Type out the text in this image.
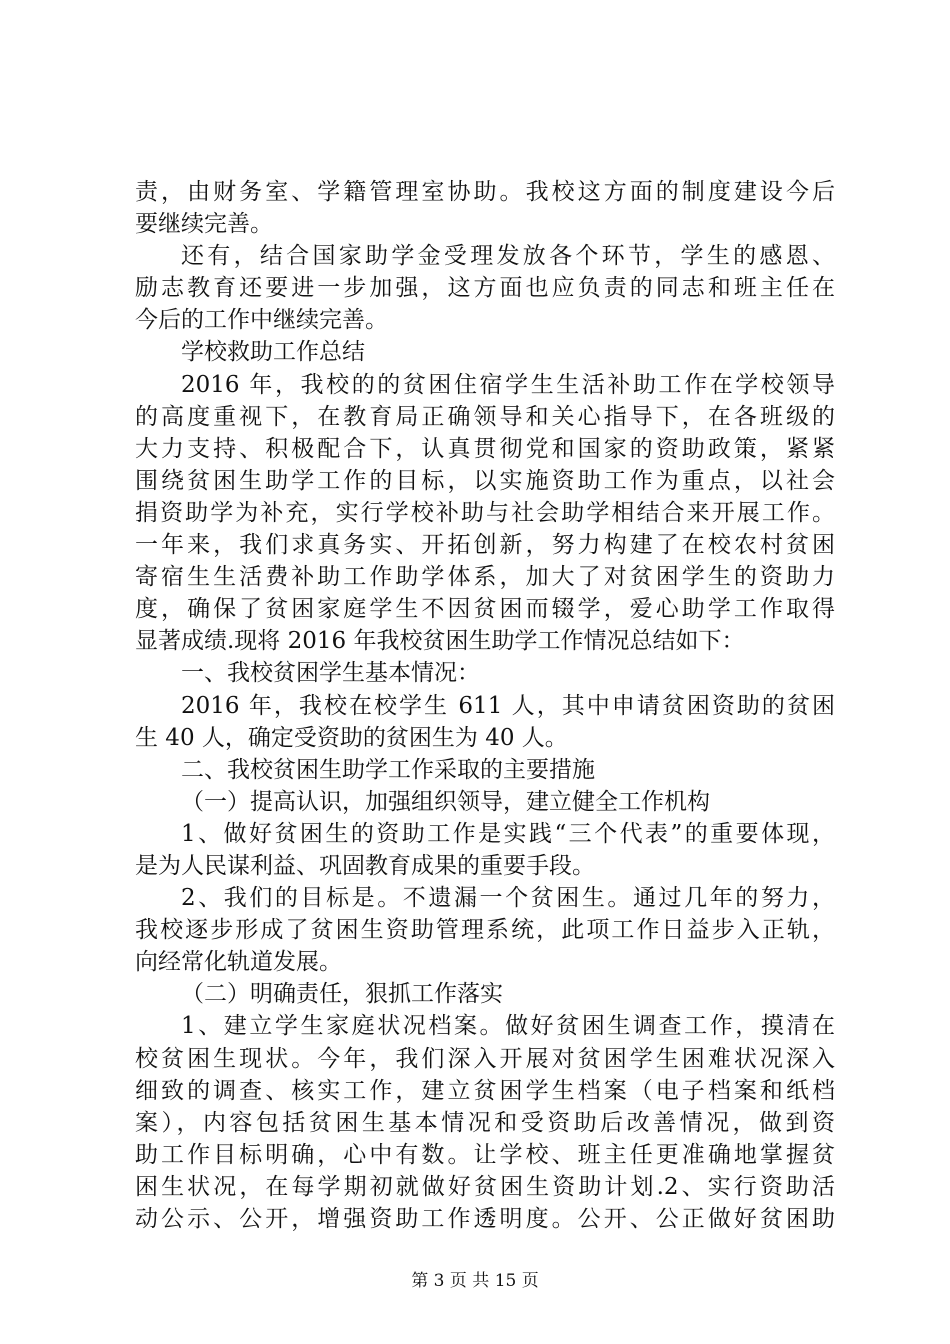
责，由财务室、学籍管理室协助。我校这方面的制度建设今后
要继续完善。
还有，结合国家助学金受理发放各个环节，学生的感恩、
励志教育还要进一步加强，这方面也应负责的同志和班主任在
今后的工作中继续完善。
学校救助工作总结
2016 年，我校的的贫困住宿学生生活补助工作在学校领导
的高度重视下，在教育局正确领导和关心指导下，在各班级的
大力支持、积极配合下，认真贯彻党和国家的资助政策，紧紧
围绕贫困生助学工作的目标，以实施资助工作为重点，以社会
捐资助学为补充，实行学校补助与社会助学相结合来开展工作。
一年来，我们求真务实、开拓创新，努力构建了在校农村贫困
寄宿生生活费补助工作助学体系，加大了对贫困学生的资助力
度，确保了贫困家庭学生不因贫困而辍学，爱心助学工作取得
显著成绩.现将 2016 年我校贫困生助学工作情况总结如下：
一、我校贫困学生基本情况：
2016 年，我校在校学生 611 人，其中申请贫困资助的贫困
生 40 人，确定受资助的贫困生为 40 人。
二、我校贫困生助学工作采取的主要措施
（一）提高认识，加强组织领导，建立健全工作机构
1、做好贫困生的资助工作是实践“三个代表”的重要体现，
是为人民谋利益、巩固教育成果的重要手段。
2、我们的目标是。不遗漏一个贫困生。通过几年的努力，
我校逐步形成了贫困生资助管理系统，此项工作日益步入正轨，
向经常化轨道发展。
（二）明确责任，狠抓工作落实
1、建立学生家庭状况档案。做好贫困生调查工作，摸清在
校贫困生现状。今年，我们深入开展对贫困学生困难状况深入
细致的调查、核实工作，建立贫困学生档案（电子档案和纸档
案），内容包括贫困生基本情况和受资助后改善情况，做到资
助工作目标明确，心中有数。让学校、班主任更准确地掌握贫
困生状况，在每学期初就做好贫困生资助计划.2、实行资助活
动公示、公开，增强资助工作透明度。公开、公正做好贫困助
第 3 页 共 15 页
